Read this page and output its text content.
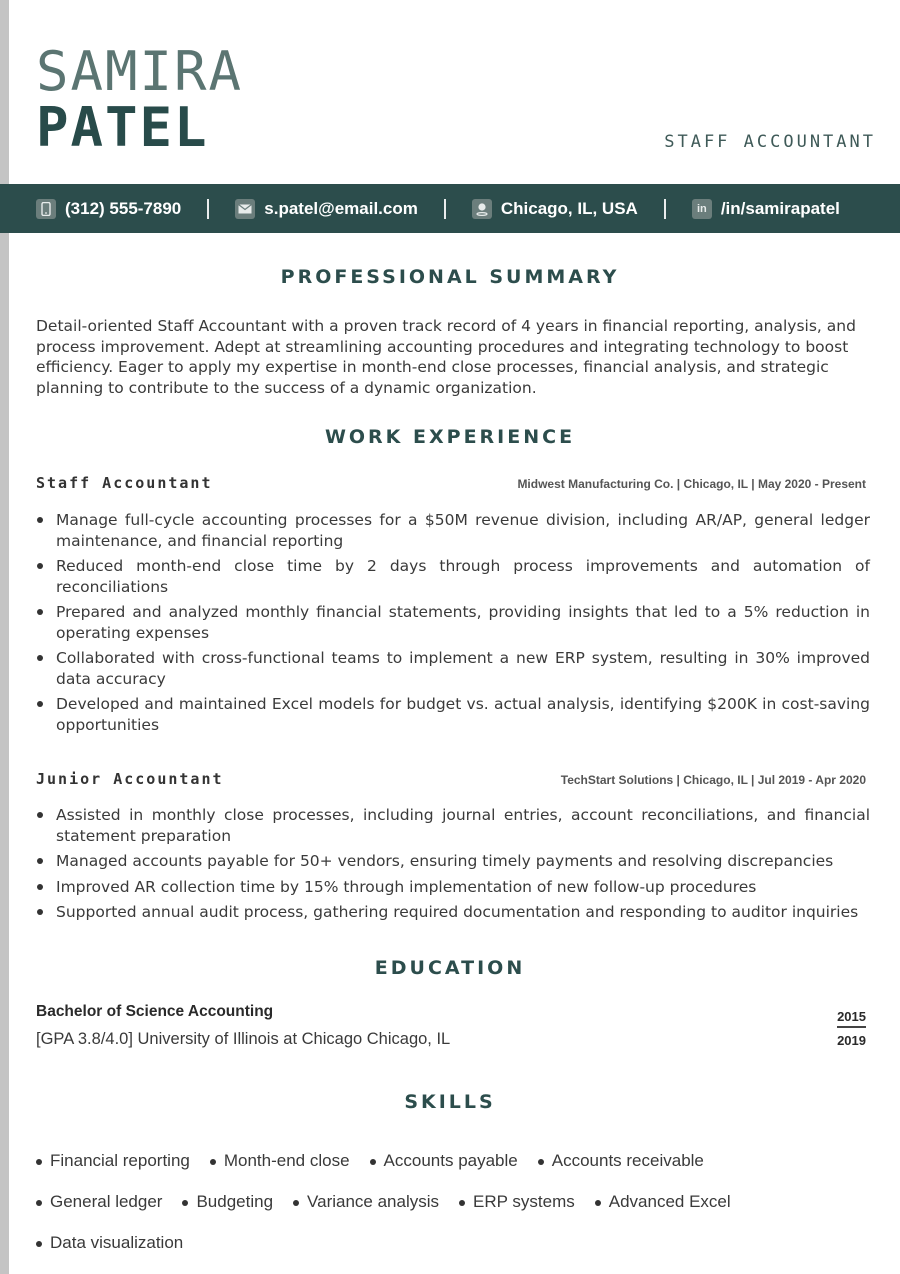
SAMIRA
PATEL	STAFF ACCOUNTANT
(312) 555-7890	s.patel@email.com	Chicago, IL, USA	in /in/samirapatel
PROFESSIONAL SUMMARY

Detail-oriented Staff Accountant with a proven track record of 4 years in financial reporting, analysis, and process improvement. Adept at streamlining accounting procedures and integrating technology to boost efficiency. Eager to apply my expertise in month-end close processes, financial analysis, and strategic planning to contribute to the success of a dynamic organization.

WORK EXPERIENCE
Staff Accountant	Midwest Manufacturing Co. | Chicago, IL | May 2020 - Present
Manage full-cycle accounting processes for a $50M revenue division, including AR/AP, general ledger maintenance, and financial reporting
Reduced month-end close time by 2 days through process improvements and automation of reconciliations
Prepared and analyzed monthly financial statements, providing insights that led to a 5% reduction in operating expenses
Collaborated with cross-functional teams to implement a new ERP system, resulting in 30% improved data accuracy
Developed and maintained Excel models for budget vs. actual analysis, identifying $200K in cost-saving opportunities
Junior Accountant	TechStart Solutions | Chicago, IL | Jul 2019 - Apr 2020
Assisted in monthly close processes, including journal entries, account reconciliations, and financial statement preparation
Managed accounts payable for 50+ vendors, ensuring timely payments and resolving discrepancies
Improved AR collection time by 15% through implementation of new follow-up procedures
Supported annual audit process, gathering required documentation and responding to auditor inquiries
EDUCATION
Bachelor of Science Accounting
[GPA 3.8/4.0] University of Illinois at Chicago Chicago, IL
2015
2019
SKILLS
Financial reporting	Month-end close	Accounts payable	Accounts receivable
General ledger	Budgeting	Variance analysis	ERP systems	Advanced Excel
Data visualization
